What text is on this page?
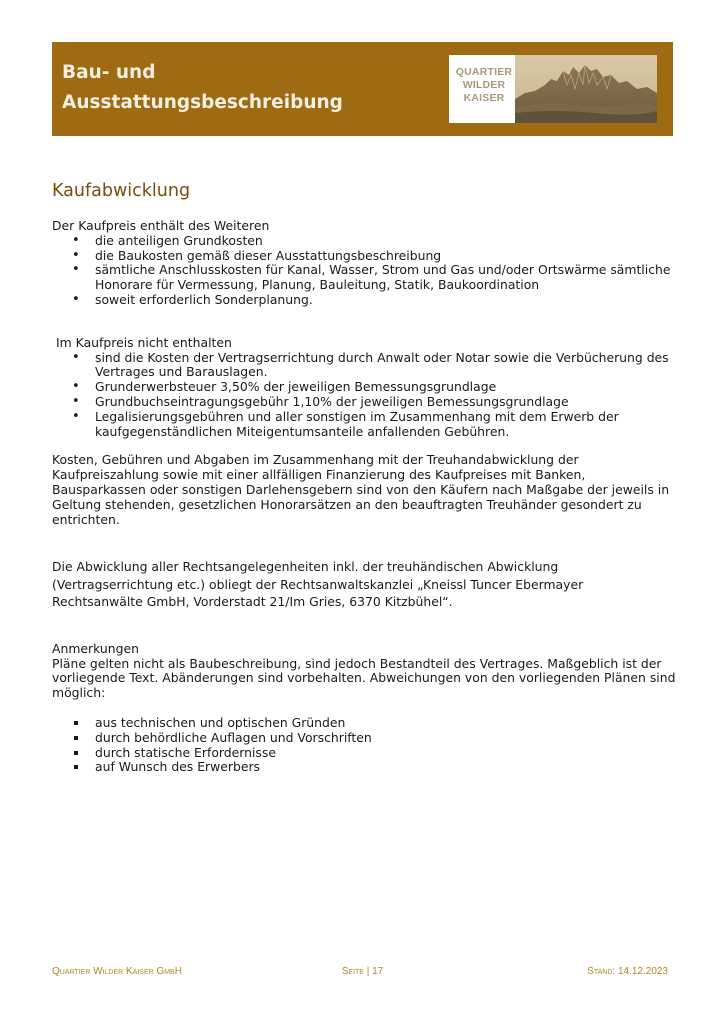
Bau- und
Ausstattungsbeschreibung
QUARTIER
WILDER
KAISER
Kaufabwicklung

Der Kaufpreis enthält des Weiteren

• die anteiligen Grundkosten
• die Baukosten gemäß dieser Ausstattungsbeschreibung
• sämtliche Anschlusskosten für Kanal, Wasser, Strom und Gas und/oder Ortswärme sämtliche Honorare für Vermessung, Planung, Bauleitung, Statik, Baukoordination
• soweit erforderlich Sonderplanung.

Im Kaufpreis nicht enthalten

• sind die Kosten der Vertragserrichtung durch Anwalt oder Notar sowie die Verbücherung des Vertrages und Barauslagen.
• Grunderwerbsteuer 3,50% der jeweiligen Bemessungsgrundlage
• Grundbuchseintragungsgebühr 1,10% der jeweiligen Bemessungsgrundlage
• Legalisierungsgebühren und aller sonstigen im Zusammenhang mit dem Erwerb der kaufgegenständlichen Miteigentumsanteile anfallenden Gebühren.

Kosten, Gebühren und Abgaben im Zusammenhang mit der Treuhandabwicklung der Kaufpreiszahlung sowie mit einer allfälligen Finanzierung des Kaufpreises mit Banken, Bausparkassen oder sonstigen Darlehensgebern sind von den Käufern nach Maßgabe der jeweils in Geltung stehenden, gesetzlichen Honorarsätzen an den beauftragten Treuhänder gesondert zu entrichten.

Die Abwicklung aller Rechtsangelegenheiten inkl. der treuhändischen Abwicklung (Vertragserrichtung etc.) obliegt der Rechtsanwaltskanzlei „Kneissl Tuncer Ebermayer Rechtsanwälte GmbH, Vorderstadt 21/Im Gries, 6370 Kitzbühel“.

Anmerkungen

Pläne gelten nicht als Baubeschreibung, sind jedoch Bestandteil des Vertrages. Maßgeblich ist der vorliegende Text. Abänderungen sind vorbehalten. Abweichungen von den vorliegenden Plänen sind möglich:

aus technischen und optischen Gründen
durch behördliche Auflagen und Vorschriften
durch statische Erfordernisse
auf Wunsch des Erwerbers
Quartier Wilder Kaiser GmbH	Seite | 17	Stand: 14.12.2023
